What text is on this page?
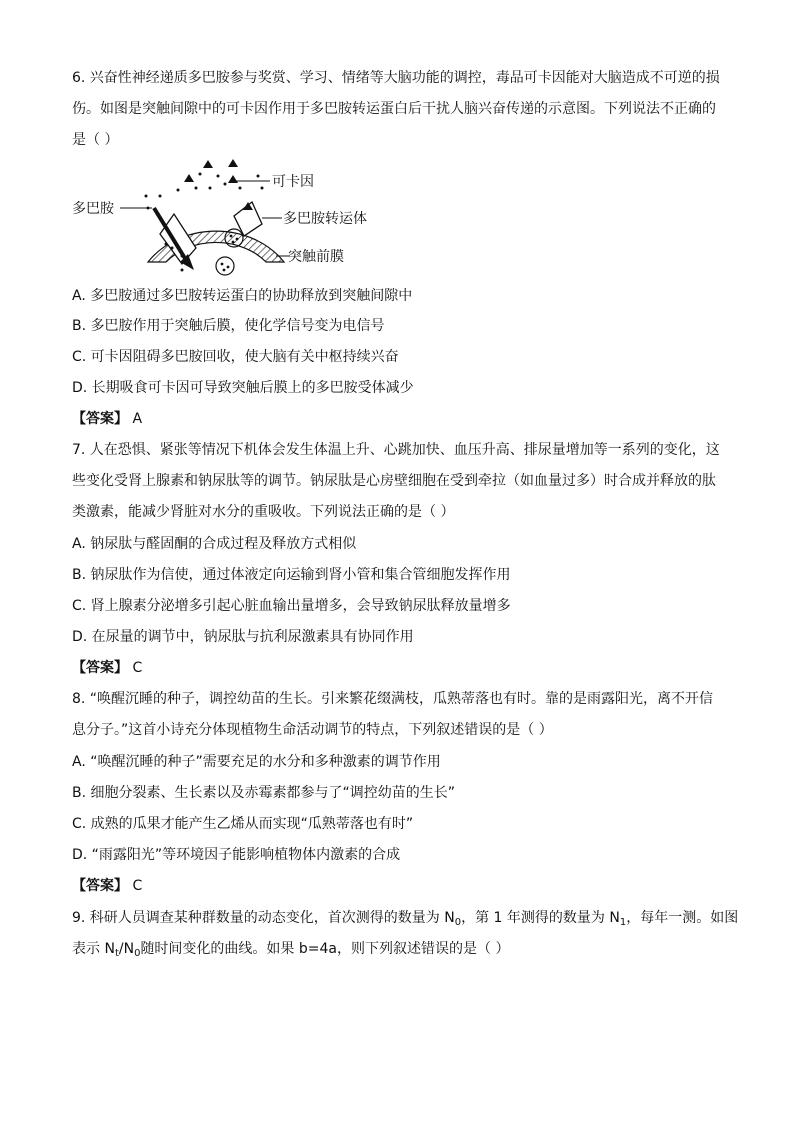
6. 兴奋性神经递质多巴胺参与奖赏、学习、情绪等大脑功能的调控，毒品可卡因能对大脑造成不可逆的损
伤。如图是突触间隙中的可卡因作用于多巴胺转运蛋白后干扰人脑兴奋传递的示意图。下列说法不正确的
是（ ）
可卡因
多巴胺
多巴胺转运体
突触前膜
A. 多巴胺通过多巴胺转运蛋白的协助释放到突触间隙中
B. 多巴胺作用于突触后膜，使化学信号变为电信号
C. 可卡因阻碍多巴胺回收，使大脑有关中枢持续兴奋
D. 长期吸食可卡因可导致突触后膜上的多巴胺受体减少
【答案】 A
7. 人在恐惧、紧张等情况下机体会发生体温上升、心跳加快、血压升高、排尿量增加等一系列的变化，这
些变化受肾上腺素和钠尿肽等的调节。钠尿肽是心房壁细胞在受到牵拉（如血量过多）时合成并释放的肽
类激素，能减少肾脏对水分的重吸收。下列说法正确的是（ ）
A. 钠尿肽与醛固酮的合成过程及释放方式相似
B. 钠尿肽作为信使，通过体液定向运输到肾小管和集合管细胞发挥作用
C. 肾上腺素分泌增多引起心脏血输出量增多，会导致钠尿肽释放量增多
D. 在尿量的调节中，钠尿肽与抗利尿激素具有协同作用
【答案】 C
8. “唤醒沉睡的种子，调控幼苗的生长。引来繁花缀满枝，瓜熟蒂落也有时。靠的是雨露阳光，离不开信
息分子。”这首小诗充分体现植物生命活动调节的特点，下列叙述错误的是（ ）
A. “唤醒沉睡的种子”需要充足的水分和多种激素的调节作用
B. 细胞分裂素、生长素以及赤霉素都参与了“调控幼苗的生长”
C. 成熟的瓜果才能产生乙烯从而实现“瓜熟蒂落也有时”
D. “雨露阳光”等环境因子能影响植物体内激素的合成
【答案】 C
9. 科研人员调查某种群数量的动态变化，首次测得的数量为 $N_0$，第 1 年测得的数量为 $N_1$，每年一测。如图
表示 $N_t/N_0$随时间变化的曲线。如果 b=4a，则下列叙述错误的是（ ）
